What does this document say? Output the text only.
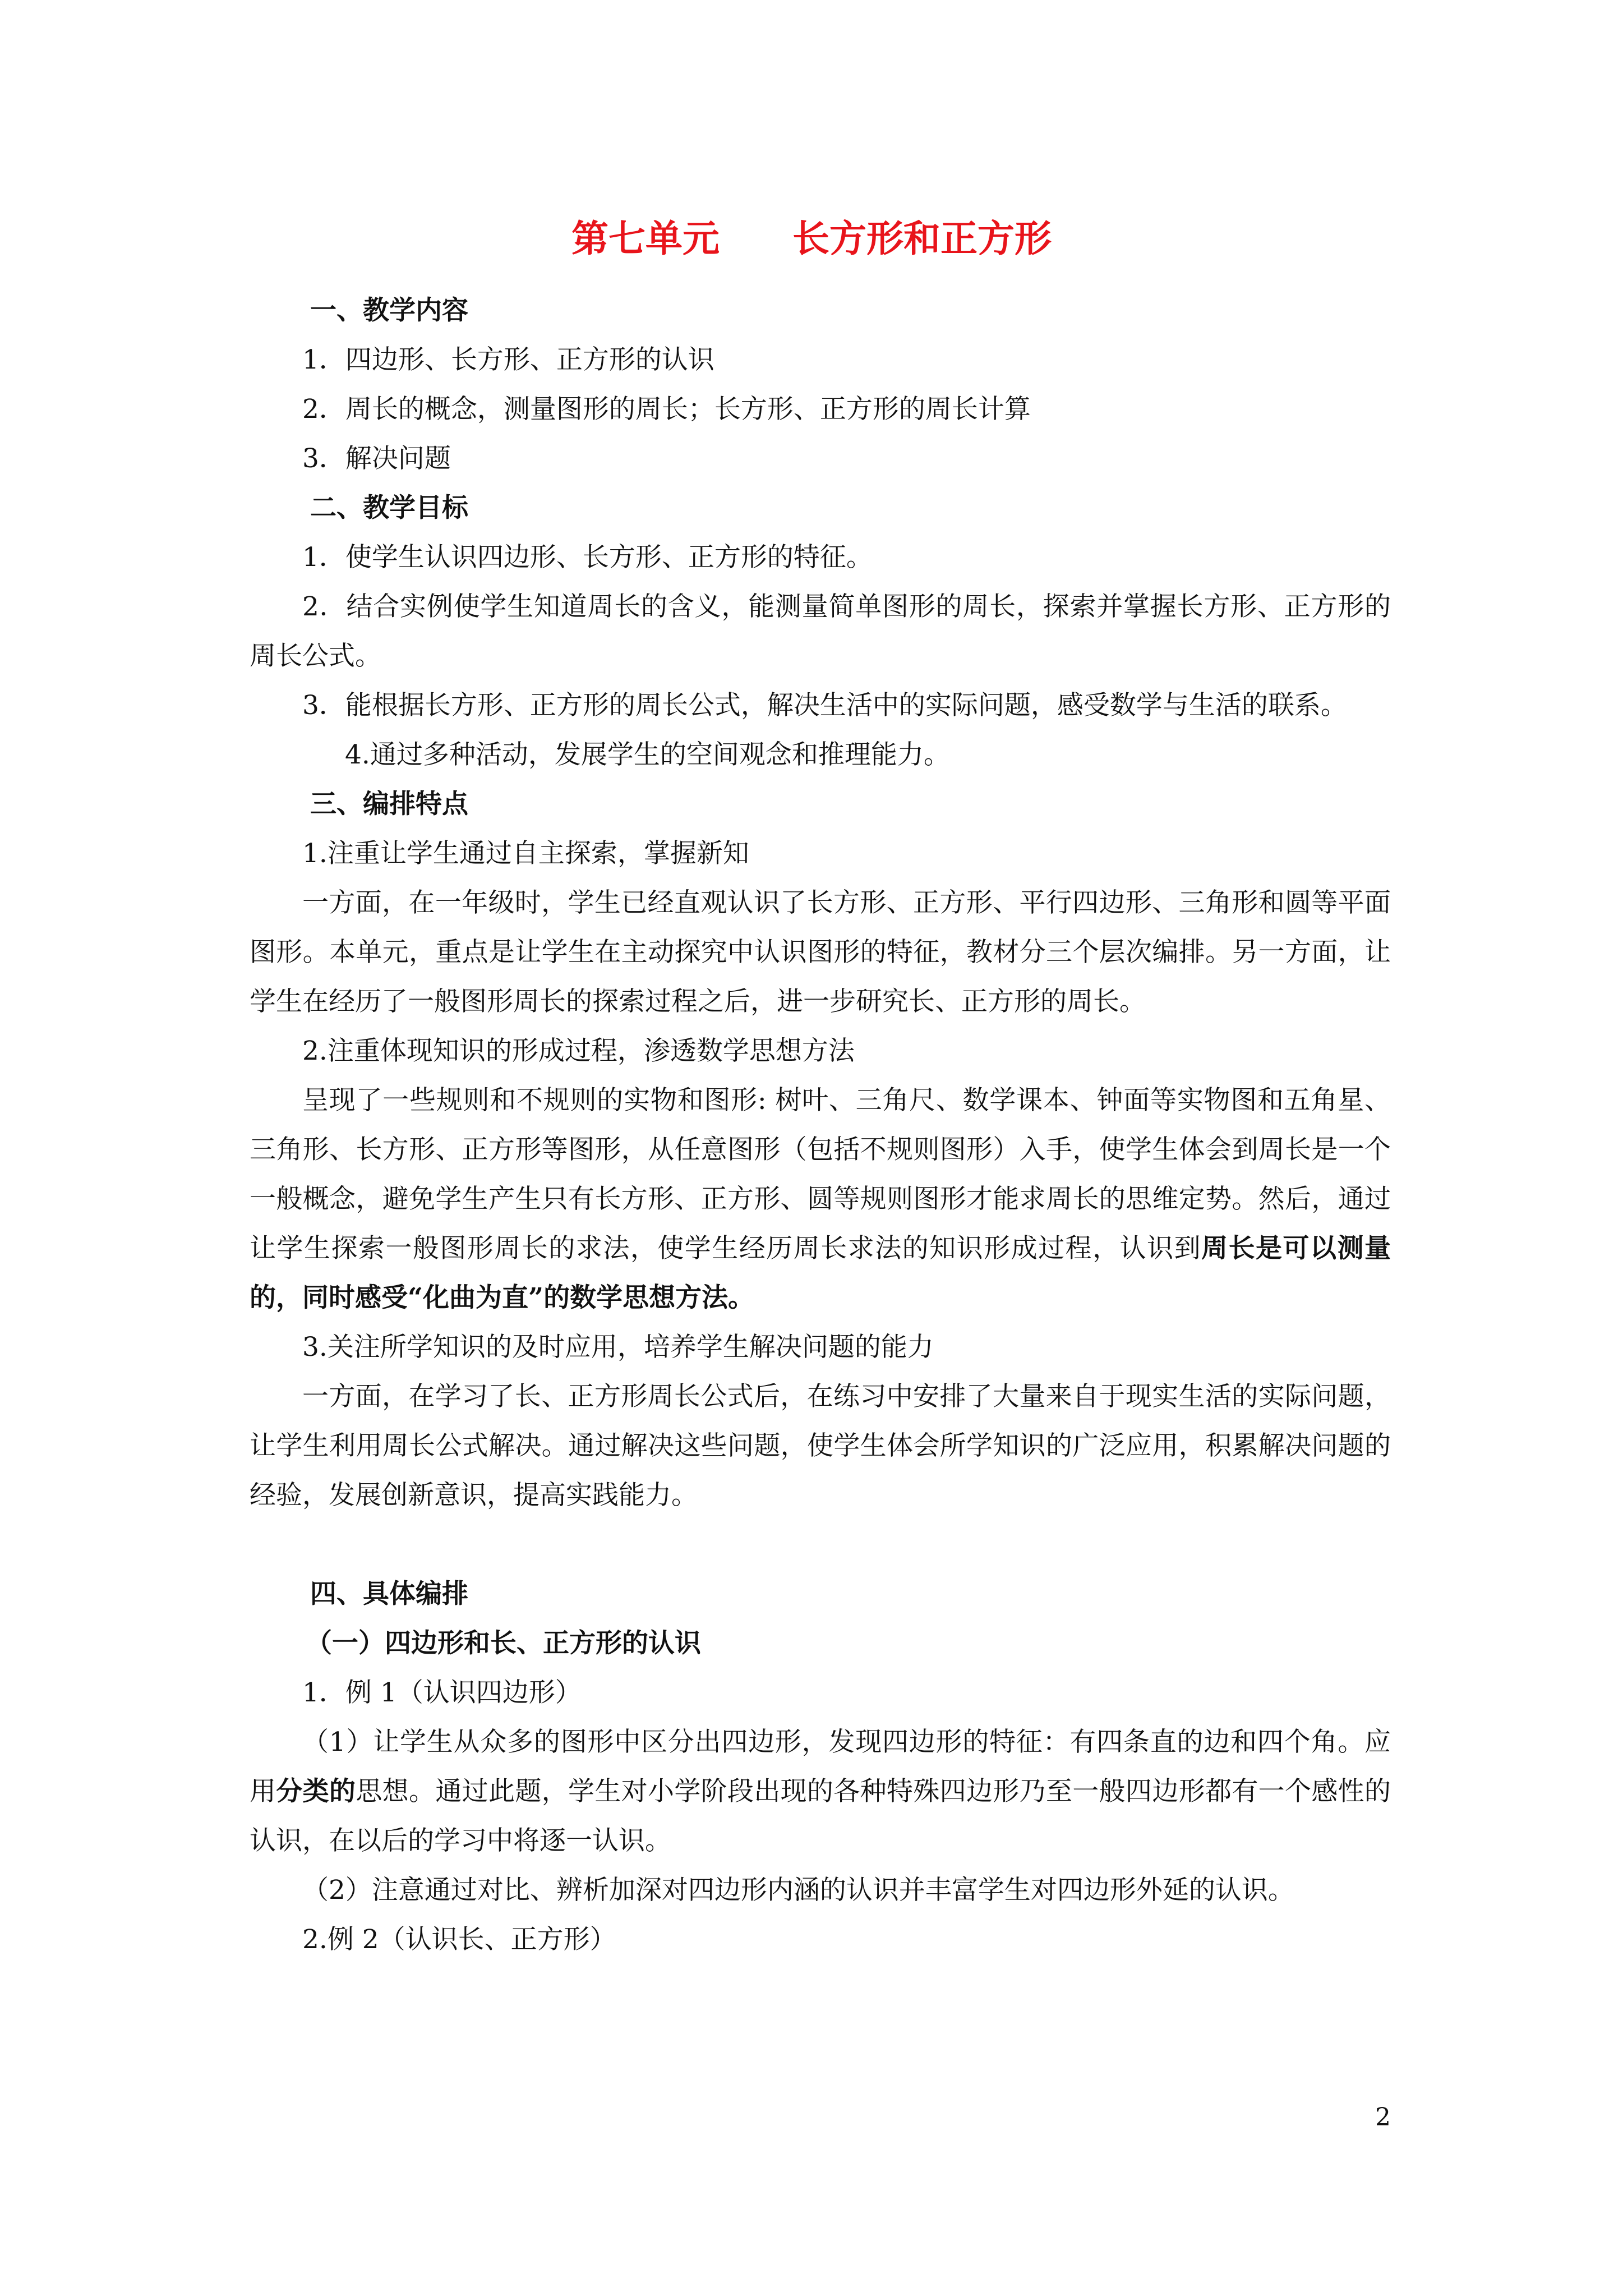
第七单元 长方形和正方形

一、教学内容

1．四边形、长方形、正方形的认识

2．周长的概念，测量图形的周长；长方形、正方形的周长计算

3．解决问题

二、教学目标

1．使学生认识四边形、长方形、正方形的特征。

2．结合实例使学生知道周长的含义，能测量简单图形的周长，探索并掌握长方形、正方形的周长公式。

3．能根据长方形、正方形的周长公式，解决生活中的实际问题，感受数学与生活的联系。

4.通过多种活动，发展学生的空间观念和推理能力。

三、编排特点

1.注重让学生通过自主探索，掌握新知

一方面，在一年级时，学生已经直观认识了长方形、正方形、平行四边形、三角形和圆等平面图形。本单元，重点是让学生在主动探究中认识图形的特征，教材分三个层次编排。另一方面，让学生在经历了一般图形周长的探索过程之后，进一步研究长、正方形的周长。

2.注重体现知识的形成过程，渗透数学思想方法

呈现了一些规则和不规则的实物和图形: 树叶、三角尺、数学课本、钟面等实物图和五角星、三角形、长方形、正方形等图形，从任意图形（包括不规则图形）入手，使学生体会到周长是一个一般概念，避免学生产生只有长方形、正方形、圆等规则图形才能求周长的思维定势。然后，通过让学生探索一般图形周长的求法，使学生经历周长求法的知识形成过程，认识到周长是可以测量的，同时感受“化曲为直”的数学思想方法。

3.关注所学知识的及时应用，培养学生解决问题的能力

一方面，在学习了长、正方形周长公式后，在练习中安排了大量来自于现实生活的实际问题，让学生利用周长公式解决。通过解决这些问题，使学生体会所学知识的广泛应用，积累解决问题的经验，发展创新意识，提高实践能力。

四、具体编排

（一）四边形和长、正方形的认识

1．例 1（认识四边形）

（1）让学生从众多的图形中区分出四边形，发现四边形的特征：有四条直的边和四个角。应用分类的思想。通过此题，学生对小学阶段出现的各种特殊四边形乃至一般四边形都有一个感性的认识，在以后的学习中将逐一认识。

（2）注意通过对比、辨析加深对四边形内涵的认识并丰富学生对四边形外延的认识。

2.例 2（认识长、正方形）

2
